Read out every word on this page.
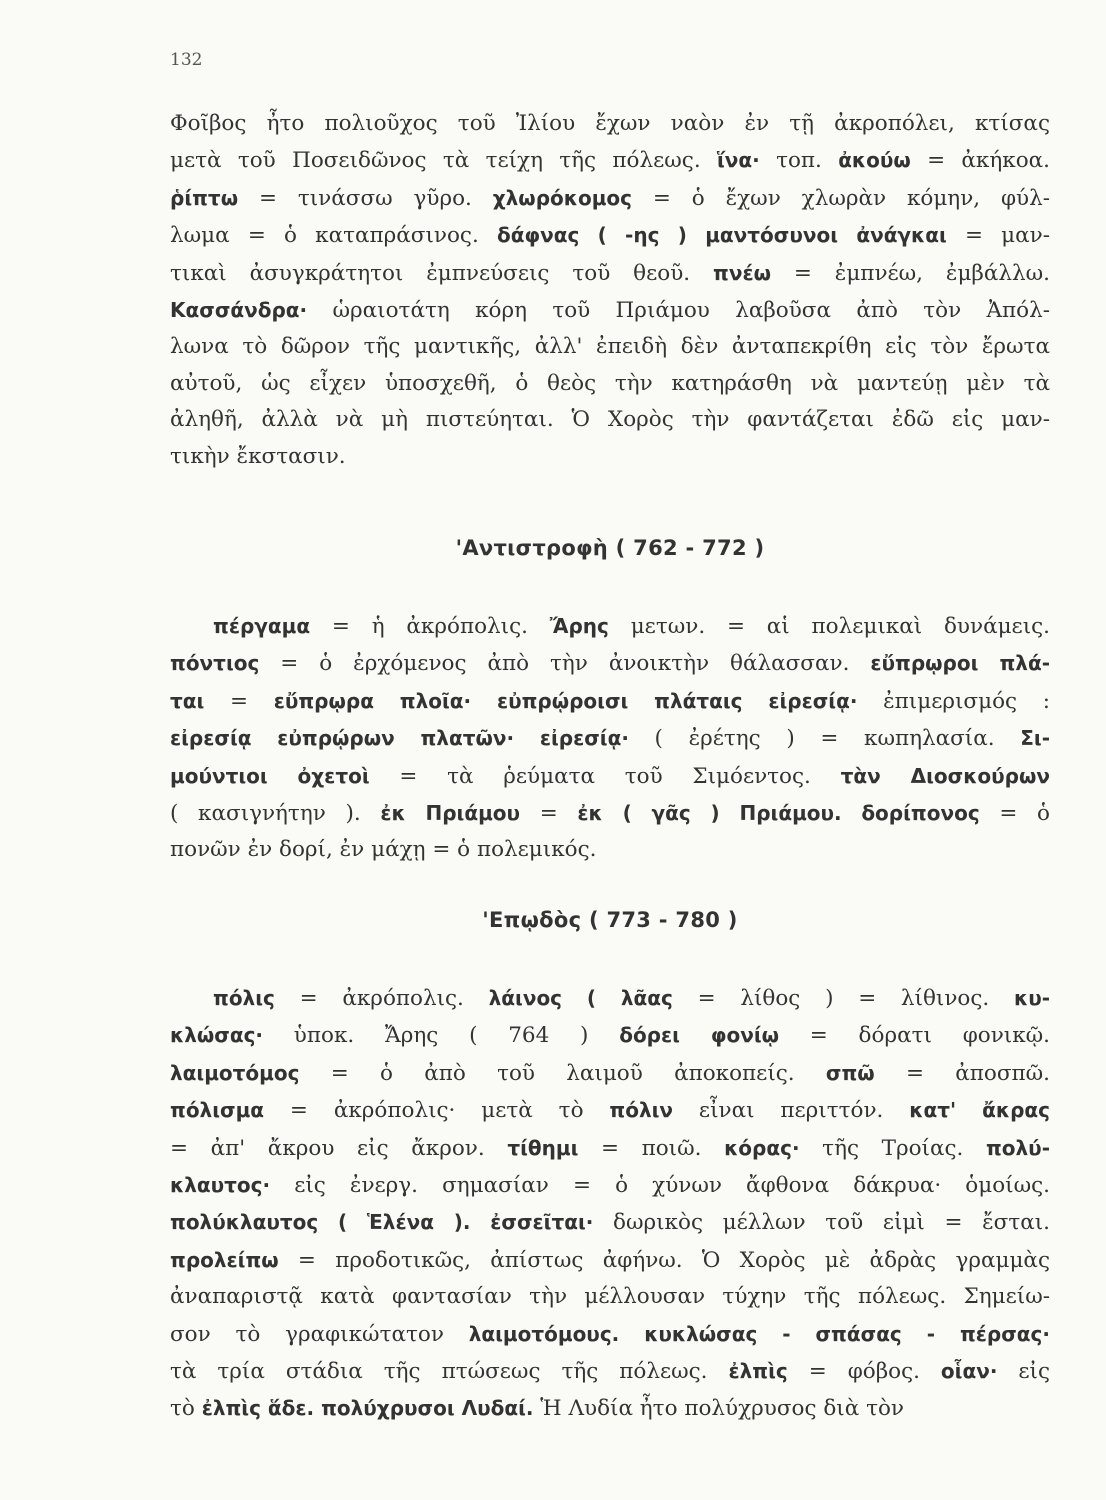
132
Φοῖβος ἦτο πολιοῦχος τοῦ Ἰλίου ἔχων ναὸν ἐν τῇ ἀκροπόλει, κτίσας
μετὰ τοῦ Ποσειδῶνος τὰ τείχη τῆς πόλεως. ἵνα· τοπ. ἀκούω = ἀκήκοα.
ῥίπτω = τινάσσω γῦρο. χλωρόκομος = ὁ ἔχων χλωρὰν κόμην, φύλ-
λωμα = ὁ καταπράσινος. δάφνας ( -ης ) μαντόσυνοι ἀνάγκαι = μαν-
τικαὶ ἀσυγκράτητοι ἐμπνεύσεις τοῦ θεοῦ. πνέω = ἐμπνέω, ἐμβάλλω.
Κασσάνδρα· ὡραιοτάτη κόρη τοῦ Πριάμου λαβοῦσα ἀπὸ τὸν Ἀπόλ-
λωνα τὸ δῶρον τῆς μαντικῆς, ἀλλ' ἐπειδὴ δὲν ἀνταπεκρίθη εἰς τὸν ἔρωτα
αὐτοῦ, ὡς εἶχεν ὑποσχεθῆ, ὁ θεὸς τὴν κατηράσθη νὰ μαντεύῃ μὲν τὰ
ἀληθῆ, ἀλλὰ νὰ μὴ πιστεύηται. Ὁ Χορὸς τὴν φαντάζεται ἐδῶ εἰς μαν-
τικὴν ἔκστασιν.
'Αντιστροφὴ ( 762 - 772 )
  πέργαμα = ἡ ἀκρόπολις. Ἄρης μετων. = αἱ πολεμικαὶ δυνάμεις.
πόντιος = ὁ ἐρχόμενος ἀπὸ τὴν ἀνοικτὴν θάλασσαν. εὔπρῳροι πλά-
ται = εὔπρῳρα πλοῖα· εὐπρῴροισι πλάταις εἰρεσίᾳ· ἐπιμερισμός :
εἰρεσίᾳ εὐπρῴρων πλατῶν· εἰρεσίᾳ· ( ἐρέτης ) = κωπηλασία. Σι-
μούντιοι ὀχετοὶ = τὰ ῥεύματα τοῦ Σιμόεντος. τὰν Διοσκούρων
( κασιγνήτην ). ἐκ Πριάμου = ἐκ ( γᾶς ) Πριάμου. δορίπονος = ὁ
πονῶν ἐν δορί, ἐν μάχῃ = ὁ πολεμικός.
'Επῳδὸς ( 773 - 780 )
  πόλις = ἀκρόπολις. λάινος ( λᾶας = λίθος ) = λίθινος. κυ-
κλώσας· ὑποκ. Ἄρης ( 764 ) δόρει φονίῳ = δόρατι φονικῷ.
λαιμοτόμος = ὁ ἀπὸ τοῦ λαιμοῦ ἀποκοπείς. σπῶ = ἀποσπῶ.
πόλισμα = ἀκρόπολις· μετὰ τὸ πόλιν εἶναι περιττόν. κατ' ἄκρας
= ἀπ' ἄκρου εἰς ἄκρον. τίθημι = ποιῶ. κόρας· τῆς Τροίας. πολύ-
κλαυτος· εἰς ἐνεργ. σημασίαν = ὁ χύνων ἄφθονα δάκρυα· ὁμοίως.
πολύκλαυτος ( Ἑλένα ). ἐσσεῖται· δωρικὸς μέλλων τοῦ εἰμὶ = ἔσται.
προλείπω = προδοτικῶς, ἀπίστως ἀφήνω. Ὁ Χορὸς μὲ ἀδρὰς γραμμὰς
ἀναπαριστᾷ κατὰ φαντασίαν τὴν μέλλουσαν τύχην τῆς πόλεως. Σημείω-
σον τὸ γραφικώτατον λαιμοτόμους. κυκλώσας - σπάσας - πέρσας·
τὰ τρία στάδια τῆς πτώσεως τῆς πόλεως. ἐλπὶς = φόβος. οἷαν· εἰς
τὸ ἐλπὶς ἅδε. πολύχρυσοι Λυδαί. Ἡ Λυδία ἦτο πολύχρυσος διὰ τὸν
